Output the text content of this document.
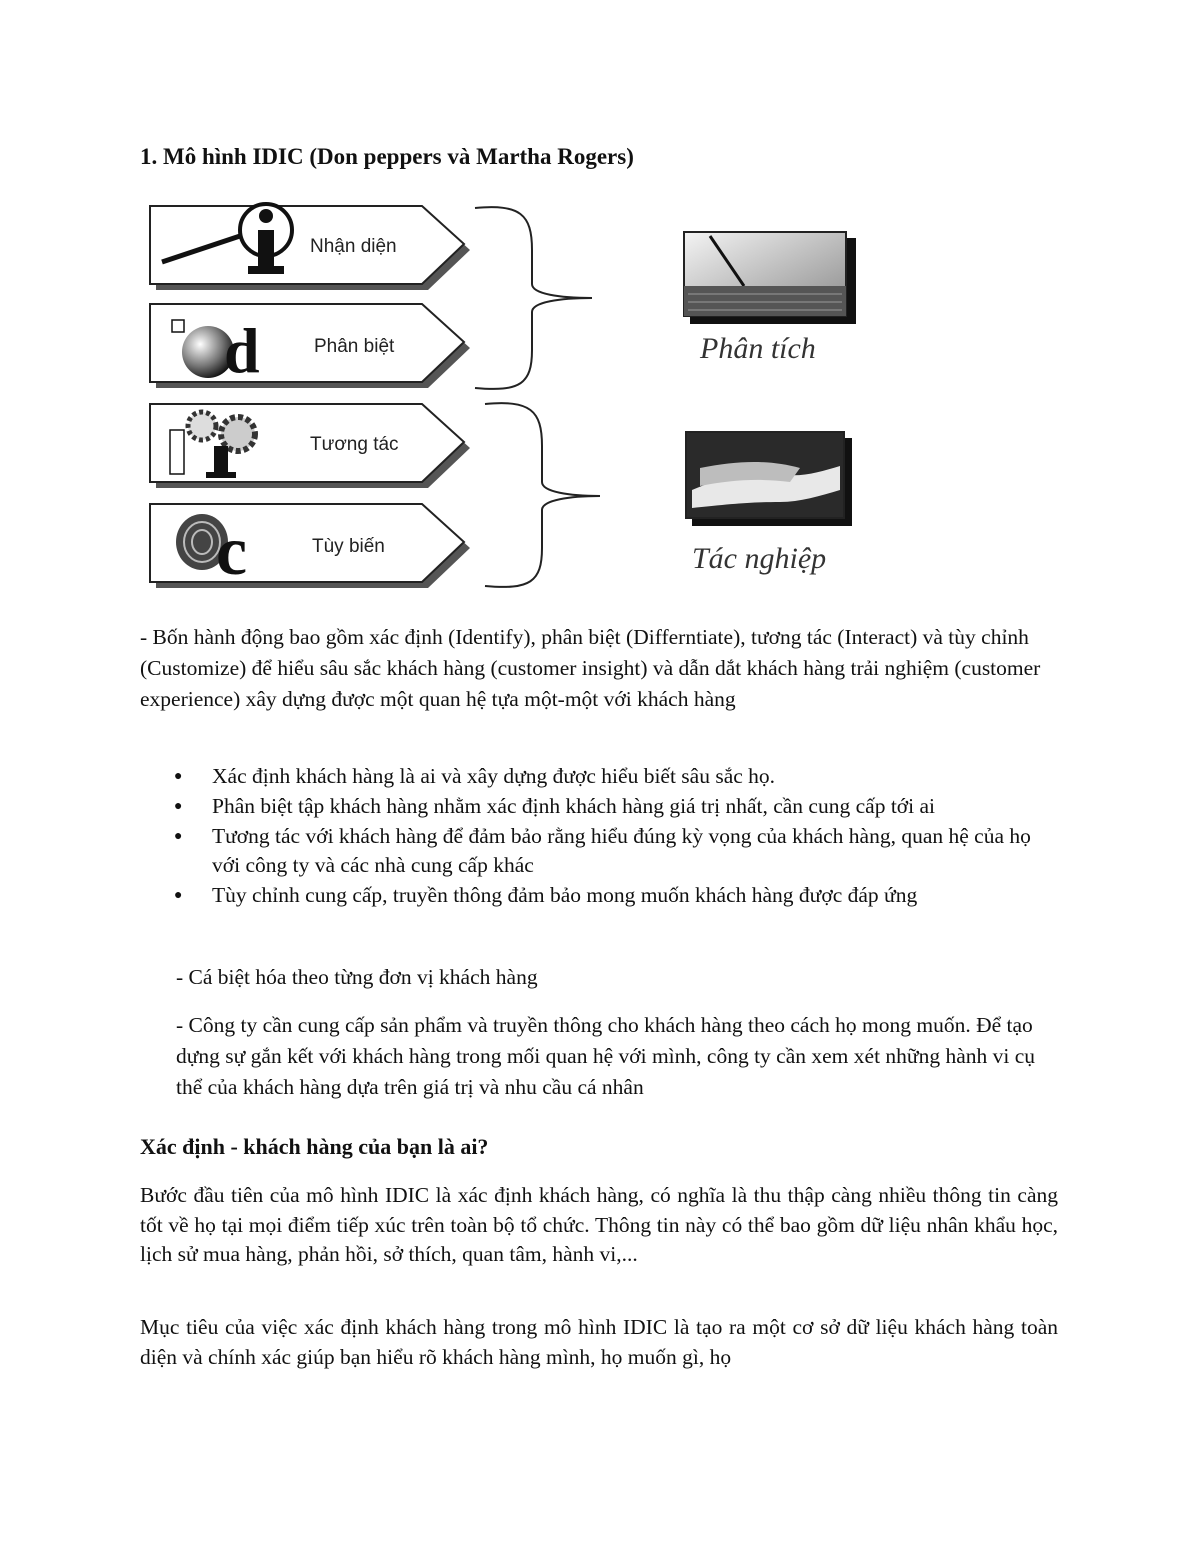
1. Mô hình IDIC (Don peppers và Martha Rogers)
Nhận diện
d	Phân biệt
Tương tác
c	Tùy biến
Phân tích
Tác nghiệp

- Bốn hành động bao gồm xác định (Identify), phân biệt (Differntiate), tương tác (Interact) và tùy chỉnh (Customize) để hiểu sâu sắc khách hàng (customer insight) và dẫn dắt khách hàng trải nghiệm (customer experience) xây dựng được một quan hệ tựa một-một với khách hàng

● Xác định khách hàng là ai và xây dựng được hiểu biết sâu sắc họ.
● Phân biệt tập khách hàng nhằm xác định khách hàng giá trị nhất, cần cung cấp tới ai
● Tương tác với khách hàng để đảm bảo rằng hiểu đúng kỳ vọng của khách hàng, quan hệ của họ với công ty và các nhà cung cấp khác
● Tùy chỉnh cung cấp, truyền thông đảm bảo mong muốn khách hàng được đáp ứng

- Cá biệt hóa theo từng đơn vị khách hàng

- Công ty cần cung cấp sản phẩm và truyền thông cho khách hàng theo cách họ mong muốn. Để tạo dựng sự gắn kết với khách hàng trong mối quan hệ với mình, công ty cần xem xét những hành vi cụ thể của khách hàng dựa trên giá trị và nhu cầu cá nhân

Xác định - khách hàng của bạn là ai?

Bước đầu tiên của mô hình IDIC là xác định khách hàng, có nghĩa là thu thập càng nhiều thông tin càng tốt về họ tại mọi điểm tiếp xúc trên toàn bộ tổ chức. Thông tin này có thể bao gồm dữ liệu nhân khẩu học, lịch sử mua hàng, phản hồi, sở thích, quan tâm, hành vi,...

Mục tiêu của việc xác định khách hàng trong mô hình IDIC là tạo ra một cơ sở dữ liệu khách hàng toàn diện và chính xác giúp bạn hiểu rõ khách hàng mình, họ muốn gì, họ
